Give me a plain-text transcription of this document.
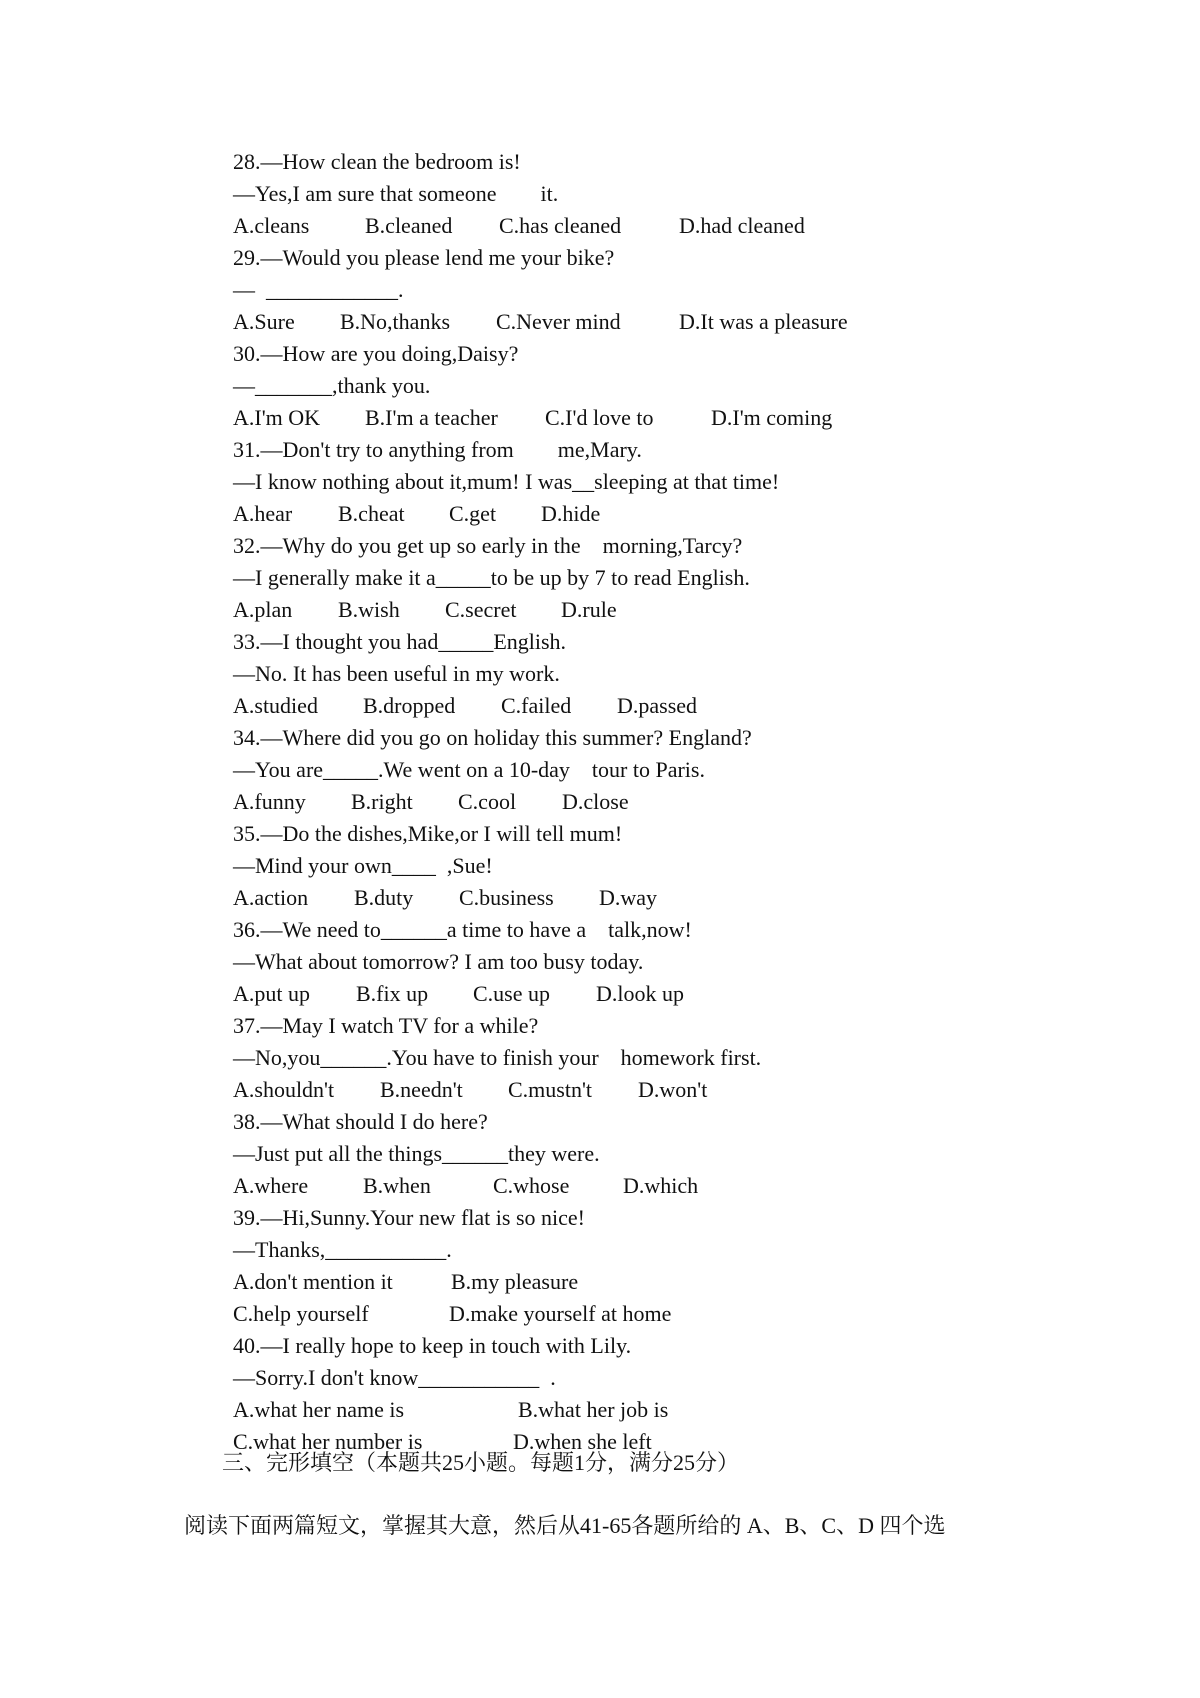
28.—How clean the bedroom is!
—Yes,I am sure that someone        it.
A.cleans	B.cleaned C.has cleaned	D.had cleaned
29.—Would you please lend me your bike?
—  ____________.
A.Sure B.No,thanks C.Never mind	D.It was a pleasure
30.—How are you doing,Daisy?
—_______,thank you.
A.I'm OK B.I'm a teacher C.I'd love to	D.I'm coming
31.—Don't try to anything from        me,Mary.
—I know nothing about it,mum! I was__sleeping at that time!
A.hear B.cheat C.get D.hide
32.—Why do you get up so early in the    morning,Tarcy?
—I generally make it a_____to be up by 7 to read English.
A.plan B.wish C.secret D.rule
33.—I thought you had_____English.
—No. It has been useful in my work.
A.studied B.dropped C.failed D.passed
34.—Where did you go on holiday this summer? England?
—You are_____.We went on a 10-day    tour to Paris.
A.funny B.right C.cool D.close
35.—Do the dishes,Mike,or I will tell mum!
—Mind your own____  ,Sue!
A.action B.duty C.business D.way
36.—We need to______a time to have a    talk,now!
—What about tomorrow? I am too busy today.
A.put up B.fix up C.use up D.look up
37.—May I watch TV for a while?
—No,you______.You have to finish your    homework first.
A.shouldn't B.needn't C.mustn't D.won't
38.—What should I do here?
—Just put all the things______they were.
A.where B.when	C.whose D.which
39.—Hi,Sunny.Your new flat is so nice!
—Thanks,___________.
A.don't mention it	B.my pleasure
C.help yourself	D.make yourself at home
40.—I really hope to keep in touch with Lily.
—Sorry.I don't know___________  .
A.what her name is	B.what her job is
C.what her number is	D.when she left
三、完形填空（本题共25小题。每题1分，满分25分）
阅读下面两篇短文，掌握其大意，然后从41-65各题所给的 A、B、C、D 四个选
